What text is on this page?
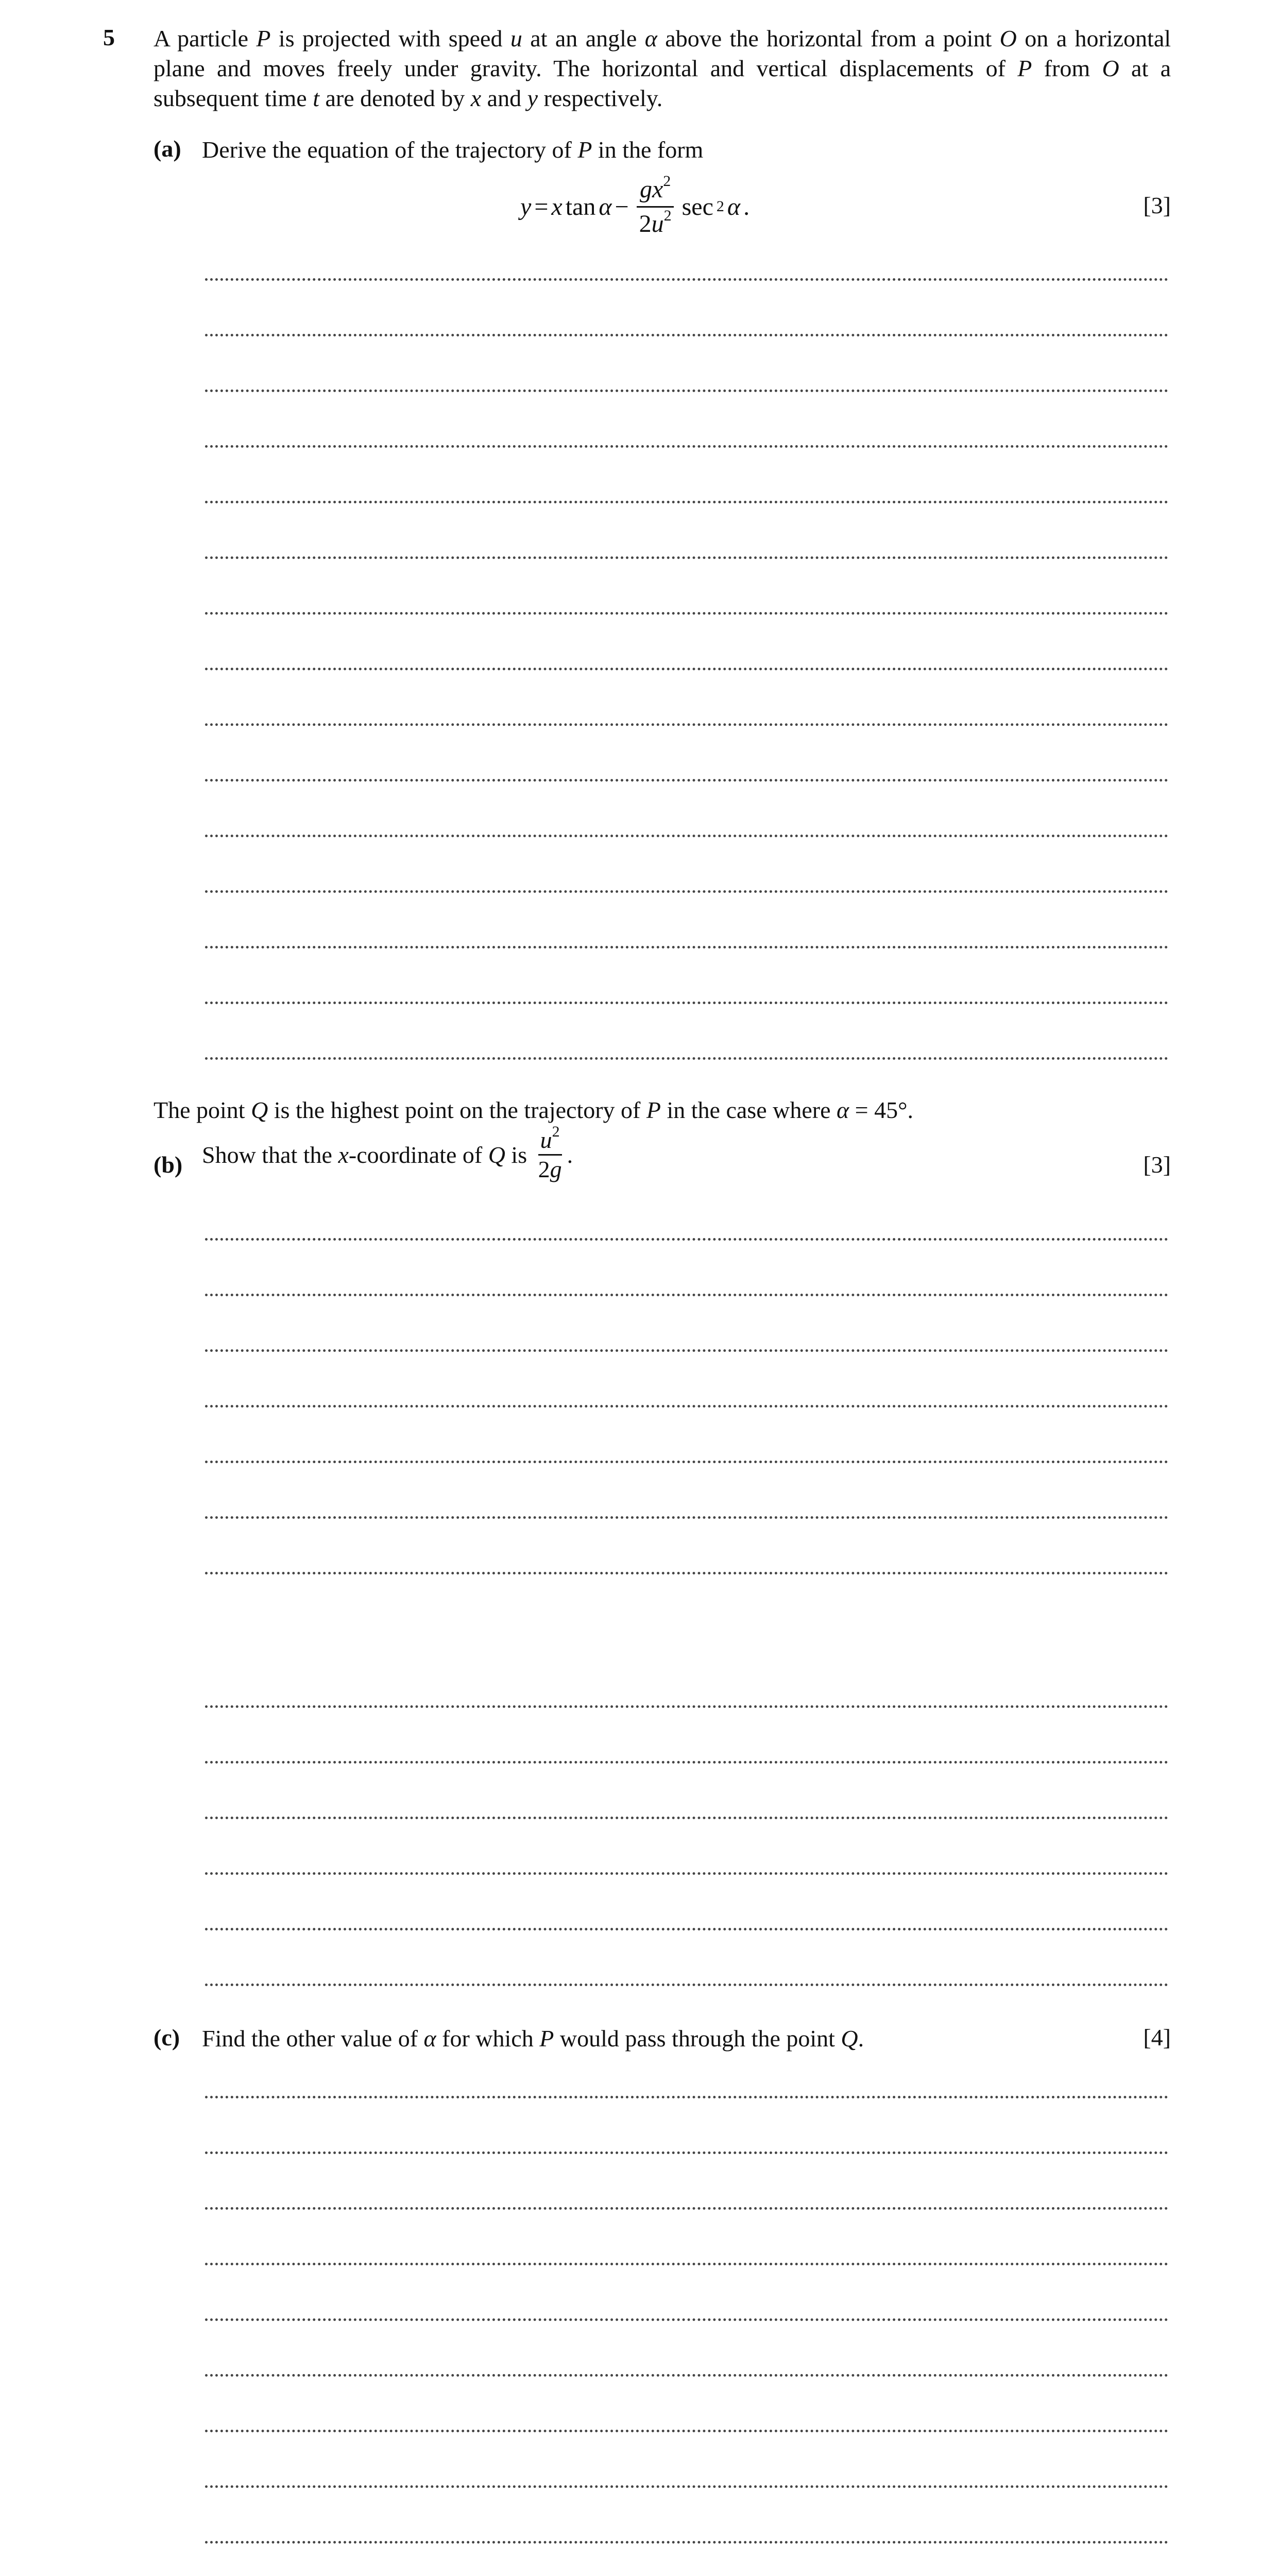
5 A particle P is projected with speed u at an angle α above the horizontal from a point O on a horizontal plane and moves freely under gravity. The horizontal and vertical displacements of P from O at a subsequent time t are denoted by x and y respectively.
(a) Derive the equation of the trajectory of P in the form
y = x $\tan \alpha - \frac{gx^2}{2u^2}$ sec 2 α .	[3]
The point Q is the highest point on the trajectory of P in the case where α = 45°.
(b) Show that the x-coordinate of Q is $\frac{u^2}{2g}$ .	[3]
(c) Find the other value of α for which P would pass through the point Q.	[4]
